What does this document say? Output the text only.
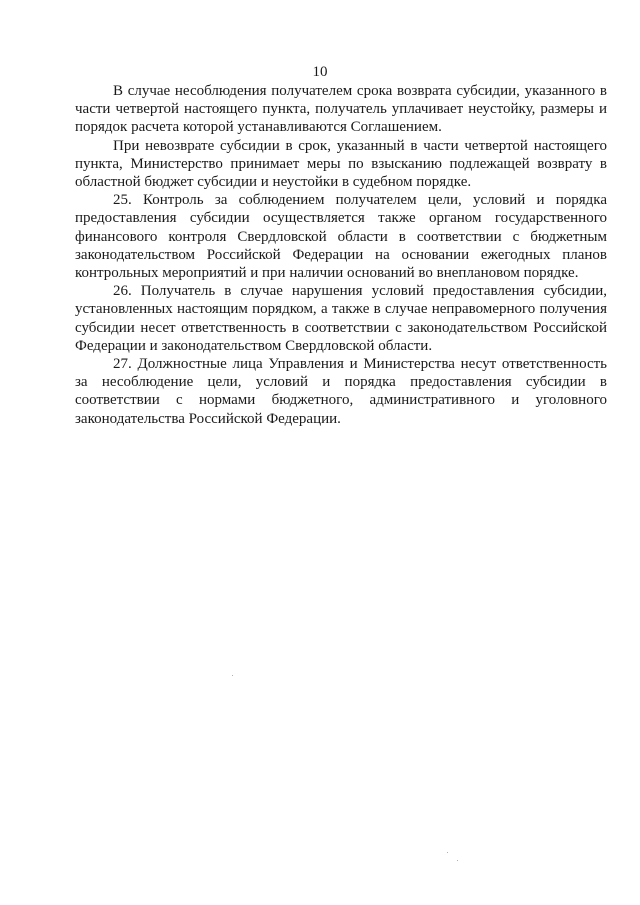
10

В случае несоблюдения получателем срока возврата субсидии, указанного в части четвертой настоящего пункта, получатель уплачивает неустойку, размеры и порядок расчета которой устанавливаются Соглашением.

При невозврате субсидии в срок, указанный в части четвертой настоящего пункта, Министерство принимает меры по взысканию подлежащей возврату в областной бюджет субсидии и неустойки в судебном порядке.

25. Контроль за соблюдением получателем цели, условий и порядка предоставления субсидии осуществляется также органом государственного финансового контроля Свердловской области в соответствии с бюджетным законодательством Российской Федерации на основании ежегодных планов контрольных мероприятий и при наличии оснований во внеплановом порядке.

26. Получатель в случае нарушения условий предоставления субсидии, установленных настоящим порядком, а также в случае неправомерного получения субсидии несет ответственность в соответствии с законодательством Российской Федерации и законодательством Свердловской области.

27. Должностные лица Управления и Министерства несут ответственность за несоблюдение цели, условий и порядка предоставления субсидии в соответствии с нормами бюджетного, административного и уголовного законодательства Российской Федерации.
